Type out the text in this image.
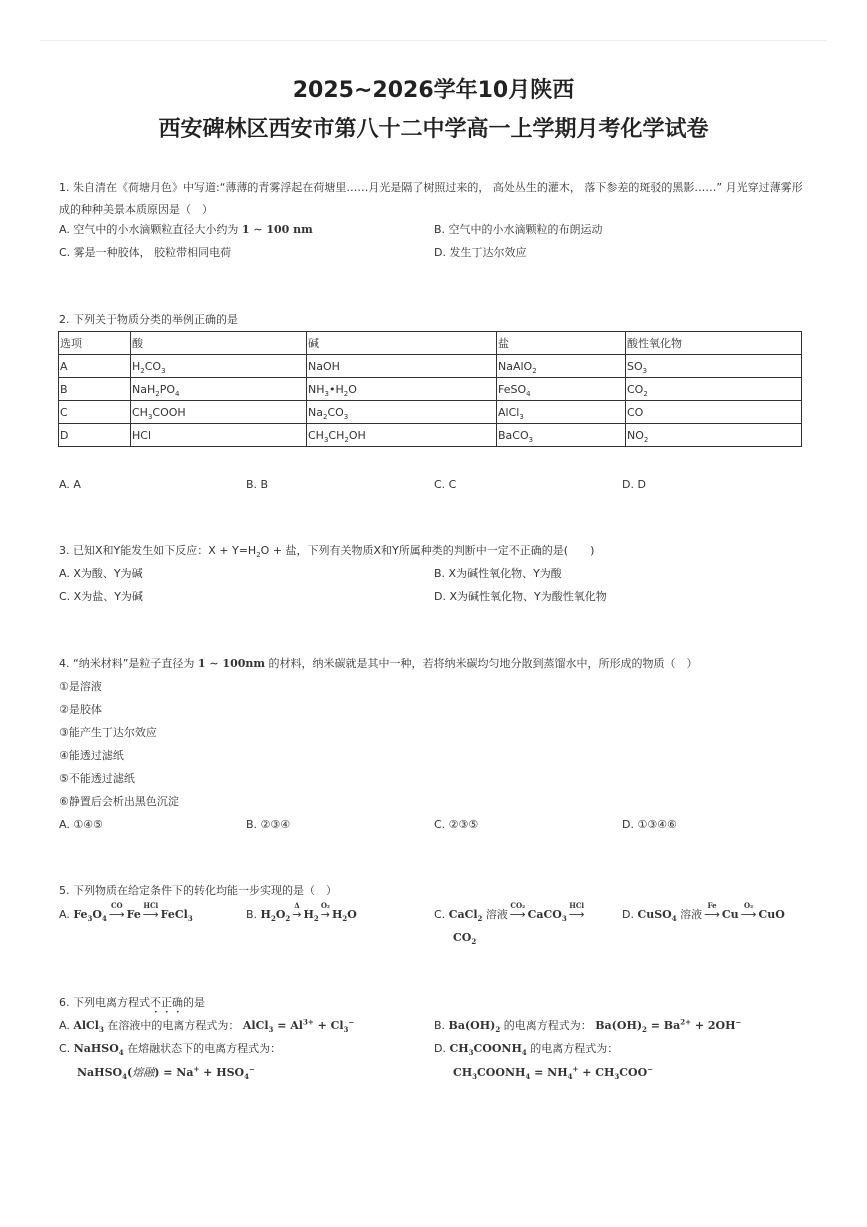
2025~2026学年10月陕西
西安碑林区西安市第八十二中学高一上学期月考化学试卷
1. 朱自清在《荷塘月色》中写道:“薄薄的青雾浮起在荷塘里……月光是隔了树照过来的， 高处丛生的灌木， 落下参差的斑驳的黑影……” 月光穿过薄雾形成的种种美景本质原因是（　）
A. 空气中的小水滴颗粒直径大小约为 1 ∼ 100 nm	B. 空气中的小水滴颗粒的布朗运动
C. 雾是一种胶体， 胶粒带相同电荷	D. 发生丁达尔效应
2. 下列关于物质分类的举例正确的是
选项	酸	碱	盐	酸性氧化物
A	$H_2CO_3$	NaOH	NaAlO$_2$	$SO_3$
B	$NaH_2PO_4$	$NH_3•H_2O$	FeSO$_4$	$CO_2$
C	$CH_3COOH$	$Na_2CO_3$	AlCl$_3$	CO
D	HCl	$CH_3CH_2OH$	BaCO$_3$	$NO_2$
A. A	B. B	C. C	D. D
3. 已知X和Y能发生如下反应：$X + Y=H_2O$ + 盐，下列有关物质X和Y所属种类的判断中一定不正确的是(　　)
A. X为酸、Y为碱	B. X为碱性氧化物、Y为酸
C. X为盐、Y为碱	D. X为碱性氧化物、Y为酸性氧化物
4. “纳米材料”是粒子直径为 1 ∼ 100nm 的材料，纳米碳就是其中一种，若将纳米碳均匀地分散到蒸馏水中，所形成的物质（　）
①是溶液
②是胶体
③能产生丁达尔效应
④能透过滤纸
⑤不能透过滤纸
⑥静置后会析出黑色沉淀
A. ①④⑤	B. ②③④	C. ②③⑤	D. ①③④⑥
5. 下列物质在给定条件下的转化均能一步实现的是（　）
A. $Fe_3O_4$
CO
⟶ Fe
HCl
⟶ FeCl$_3$	B. $H_2O_2$
Δ
→ $H_2$
O₂
→ $H_2O$	C. CaCl$_2$ 溶液
CO₂
⟶ CaCO$_3$
HCl
⟶
$CO_2$
D. CuSO$_4$ 溶液
Fe
⟶ Cu
O₂
⟶ CuO
6. 下列电离方程式不正确的是
A. AlCl$_3$ 在溶液中的电离方程式为： AlCl$_3$ = $Al^{3+} + Cl_3^-$	B. $Ba(OH)_2$ 的电离方程式为： $Ba(OH)_2 = Ba^{2+} + 2OH^-$
C. NaHSO$_4$ 在熔融状态下的电离方程式为：
NaHSO$_4$(熔融) = $Na^+ + HSO_4^-$
D. $CH_3COONH_4$ 的电离方程式为：
$CH_3COONH_4 = NH_4^+ + CH_3COO^-$
